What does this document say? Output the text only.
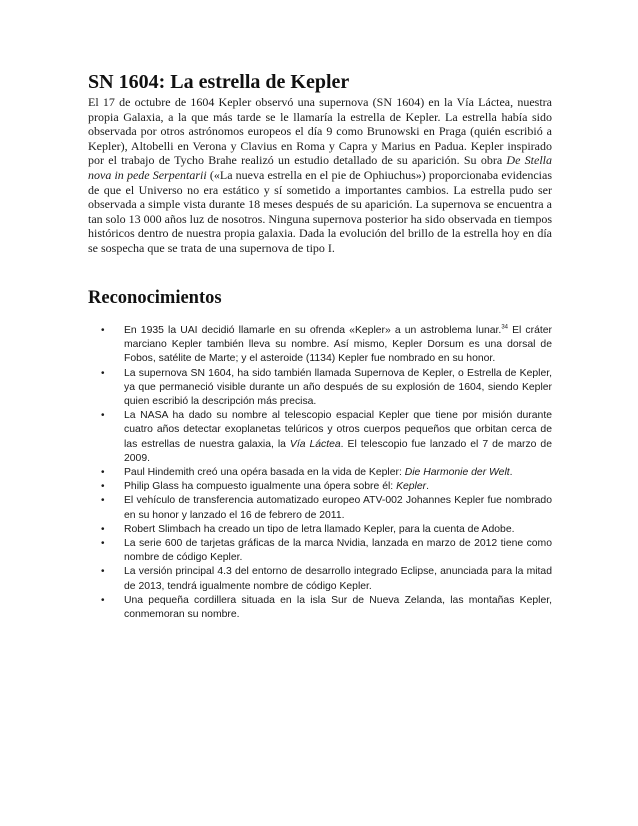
SN 1604: La estrella de Kepler

El 17 de octubre de 1604 Kepler observó una supernova (SN 1604) en la Vía Láctea, nuestra propia Galaxia, a la que más tarde se le llamaría la estrella de Kepler. La estrella había sido observada por otros astrónomos europeos el día 9 como Brunowski en Praga (quién escribió a Kepler), Altobelli en Verona y Clavius en Roma y Capra y Marius en Padua. Kepler inspirado por el trabajo de Tycho Brahe realizó un estudio detallado de su aparición. Su obra De Stella nova in pede Serpentarii («La nueva estrella en el pie de Ophiuchus») proporcionaba evidencias de que el Universo no era estático y sí sometido a importantes cambios. La estrella pudo ser observada a simple vista durante 18 meses después de su aparición. La supernova se encuentra a tan solo 13 000 años luz de nosotros. Ninguna supernova posterior ha sido observada en tiempos históricos dentro de nuestra propia galaxia. Dada la evolución del brillo de la estrella hoy en día se sospecha que se trata de una supernova de tipo I.

Reconocimientos
• En 1935 la UAI decidió llamarle en su ofrenda «Kepler» a un astroblema lunar.$^{34}$ El cráter marciano Kepler también lleva su nombre. Así mismo, Kepler Dorsum es una dorsal de Fobos, satélite de Marte; y el asteroide (1134) Kepler fue nombrado en su honor.
• La supernova SN 1604, ha sido también llamada Supernova de Kepler, o Estrella de Kepler, ya que permaneció visible durante un año después de su explosión de 1604, siendo Kepler quien escribió la descripción más precisa.
• La NASA ha dado su nombre al telescopio espacial Kepler que tiene por misión durante cuatro años detectar exoplanetas telúricos y otros cuerpos pequeños que orbitan cerca de las estrellas de nuestra galaxia, la Vía Láctea. El telescopio fue lanzado el 7 de marzo de 2009.
• Paul Hindemith creó una opéra basada en la vida de Kepler: Die Harmonie der Welt.
• Philip Glass ha compuesto igualmente una ópera sobre él: Kepler.
• El vehículo de transferencia automatizado europeo ATV-002 Johannes Kepler fue nombrado en su honor y lanzado el 16 de febrero de 2011.
• Robert Slimbach ha creado un tipo de letra llamado Kepler, para la cuenta de Adobe.
• La serie 600 de tarjetas gráficas de la marca Nvidia, lanzada en marzo de 2012 tiene como nombre de código Kepler.
• La versión principal 4.3 del entorno de desarrollo integrado Eclipse, anunciada para la mitad de 2013, tendrá igualmente nombre de código Kepler.
• Una pequeña cordillera situada en la isla Sur de Nueva Zelanda, las montañas Kepler, conmemoran su nombre.
